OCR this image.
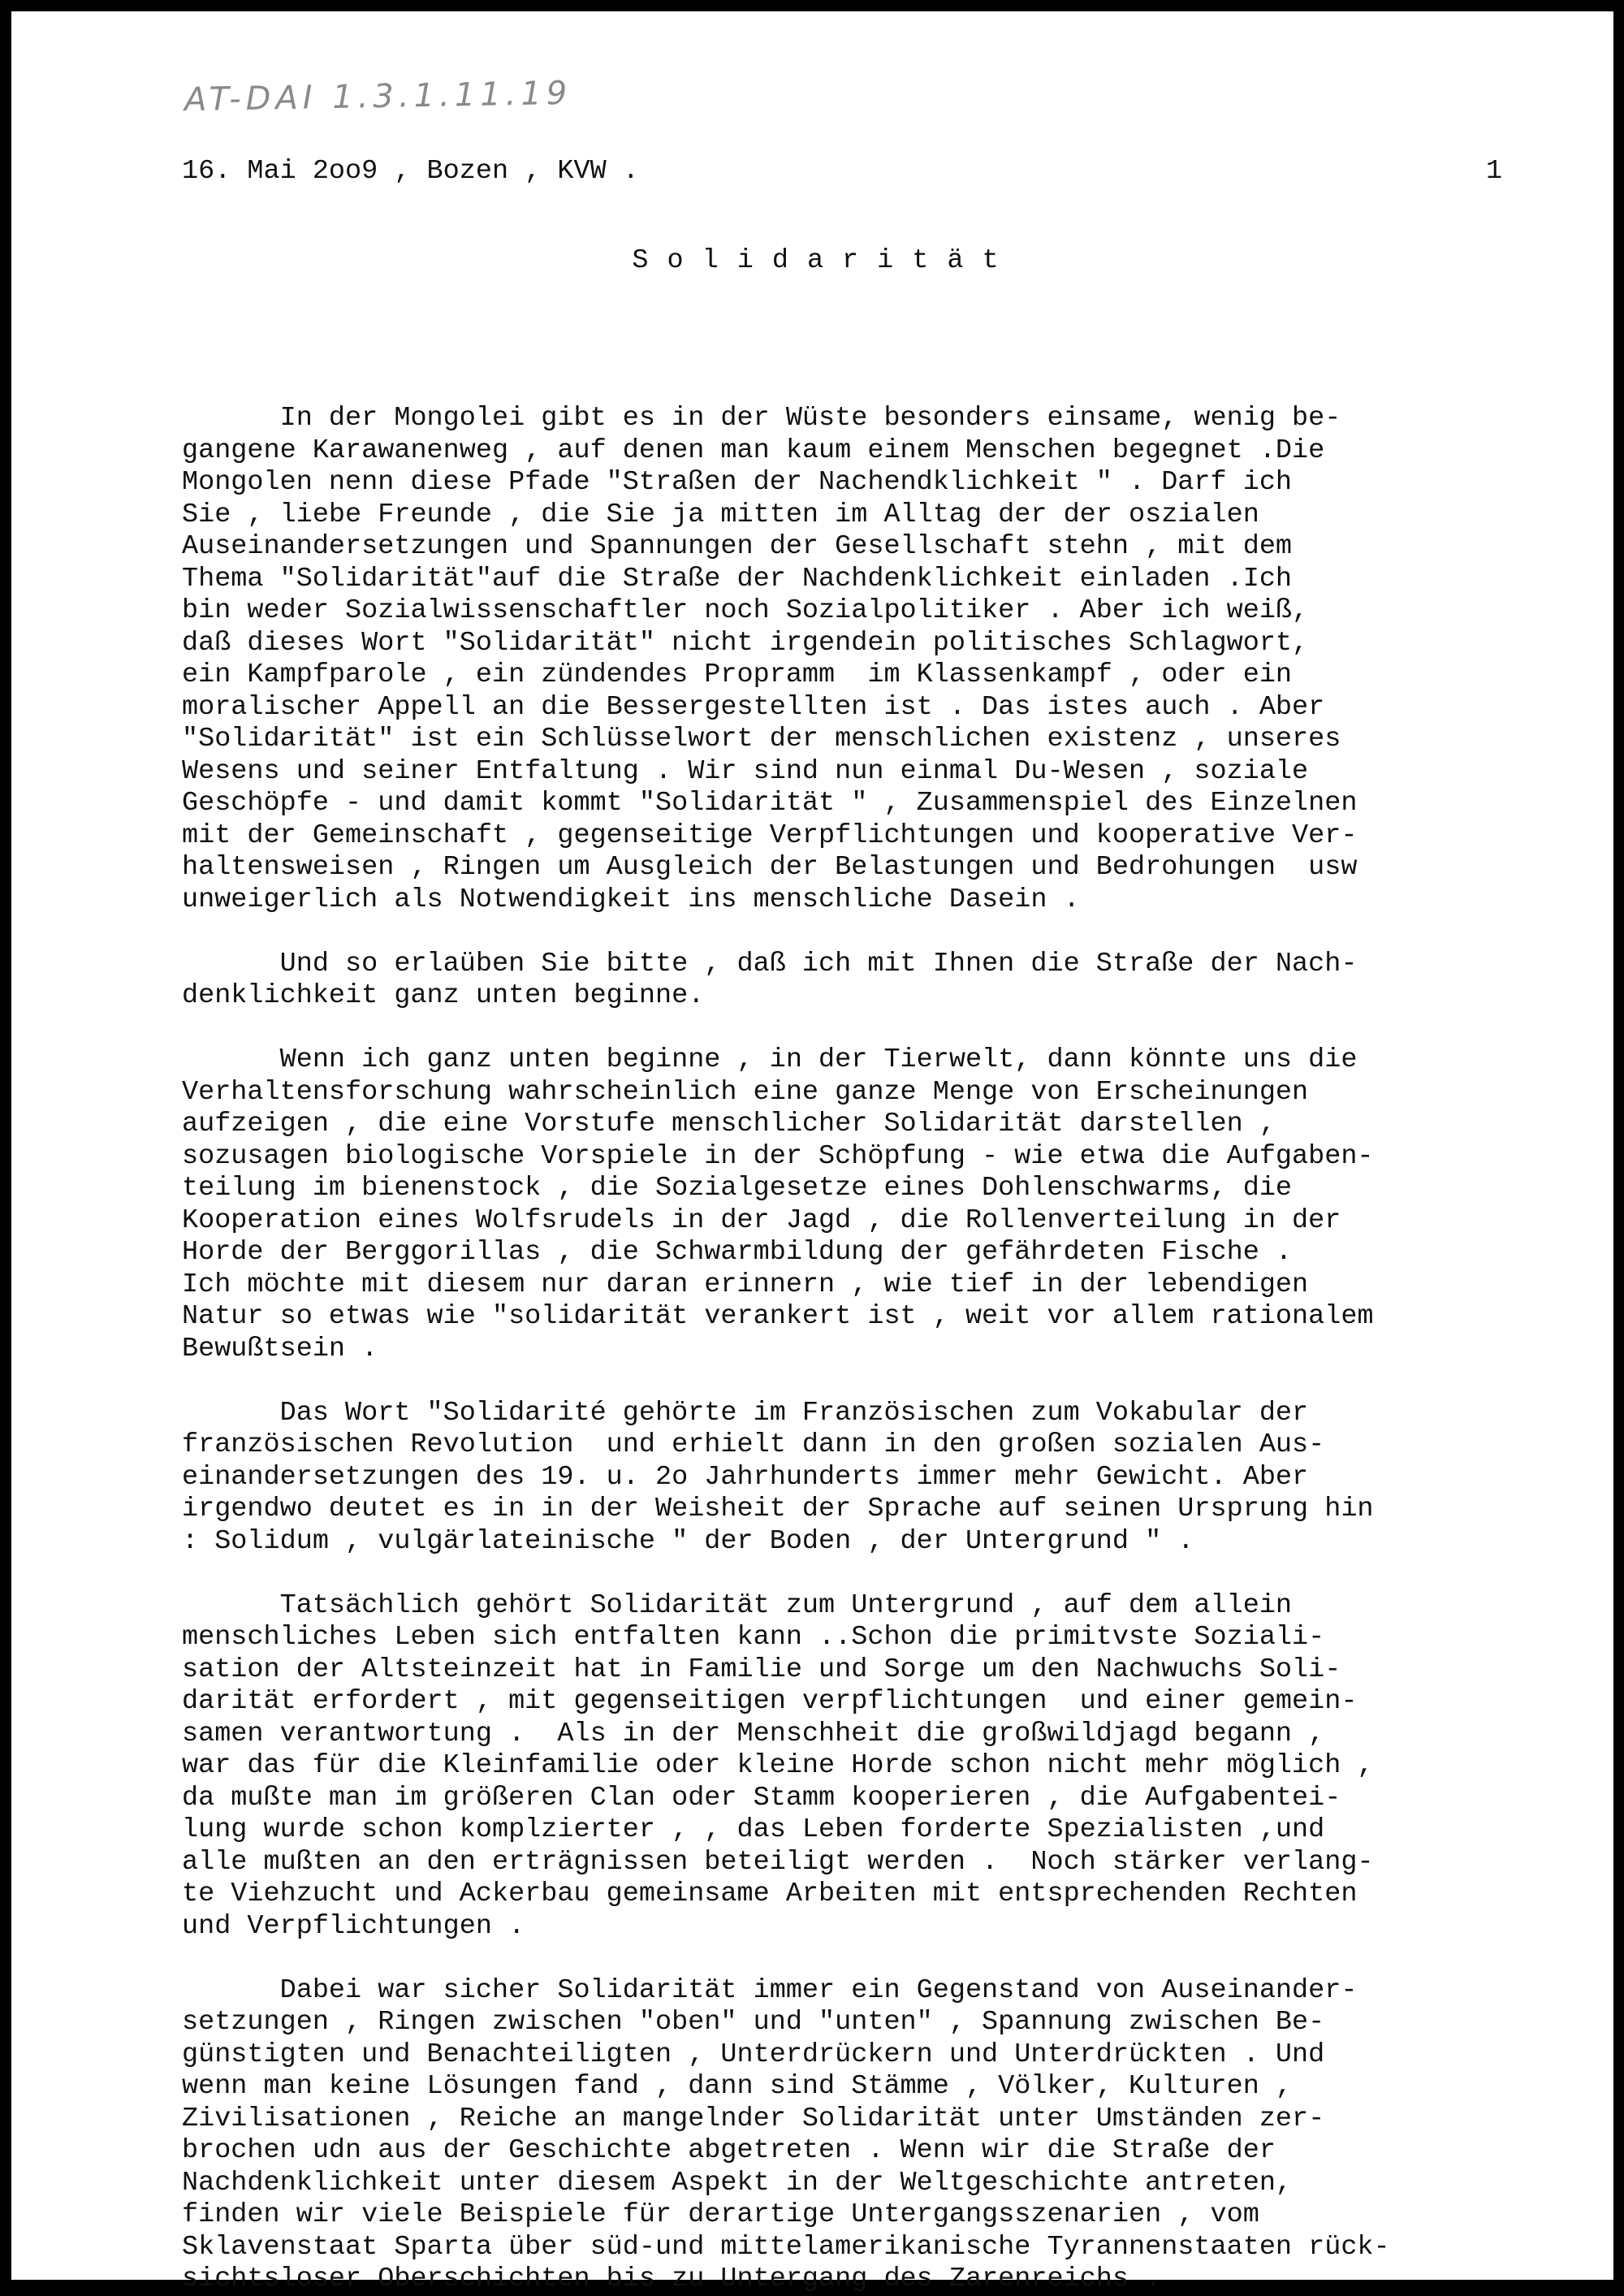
AT-DAI 1.3.1.11.19
16. Mai 2oo9 , Bozen , KVW .	1
Solidarität

In der Mongolei gibt es in der Wüste besonders einsame, wenig be-
gangene Karawanenweg , auf denen man kaum einem Menschen begegnet .Die
Mongolen nenn diese Pfade "Straßen der Nachendklichkeit " . Darf ich
Sie , liebe Freunde , die Sie ja mitten im Alltag der der oszialen
Auseinandersetzungen und Spannungen der Gesellschaft stehn , mit dem
Thema "Solidarität"auf die Straße der Nachdenklichkeit einladen .Ich
bin weder Sozialwissenschaftler noch Sozialpolitiker . Aber ich weiß,
daß dieses Wort "Solidarität" nicht irgendein politisches Schlagwort,
ein Kampfparole , ein zündendes Propramm  im Klassenkampf , oder ein
moralischer Appell an die Bessergestellten ist . Das istes auch . Aber
"Solidarität" ist ein Schlüsselwort der menschlichen existenz , unseres
Wesens und seiner Entfaltung . Wir sind nun einmal Du-Wesen , soziale
Geschöpfe - und damit kommt "Solidarität " , Zusammenspiel des Einzelnen
mit der Gemeinschaft , gegenseitige Verpflichtungen und kooperative Ver-
haltensweisen , Ringen um Ausgleich der Belastungen und Bedrohungen  usw
unweigerlich als Notwendigkeit ins menschliche Dasein .
Und so erlaüben Sie bitte , daß ich mit Ihnen die Straße der Nach-
denklichkeit ganz unten beginne.
Wenn ich ganz unten beginne , in der Tierwelt, dann könnte uns die
Verhaltensforschung wahrscheinlich eine ganze Menge von Erscheinungen
aufzeigen , die eine Vorstufe menschlicher Solidarität darstellen ,
sozusagen biologische Vorspiele in der Schöpfung - wie etwa die Aufgaben-
teilung im bienenstock , die Sozialgesetze eines Dohlenschwarms, die
Kooperation eines Wolfsrudels in der Jagd , die Rollenverteilung in der
Horde der Berggorillas , die Schwarmbildung der gefährdeten Fische .
Ich möchte mit diesem nur daran erinnern , wie tief in der lebendigen
Natur so etwas wie "solidarität verankert ist , weit vor allem rationalem
Bewußtsein .
Das Wort "Solidarité gehörte im Französischen zum Vokabular der
französischen Revolution  und erhielt dann in den großen sozialen Aus-
einandersetzungen des 19. u. 2o Jahrhunderts immer mehr Gewicht. Aber
irgendwo deutet es in in der Weisheit der Sprache auf seinen Ursprung hin
: Solidum , vulgärlateinische " der Boden , der Untergrund " .
Tatsächlich gehört Solidarität zum Untergrund , auf dem allein
menschliches Leben sich entfalten kann ..Schon die primitvste Soziali-
sation der Altsteinzeit hat in Familie und Sorge um den Nachwuchs Soli-
darität erfordert , mit gegenseitigen verpflichtungen  und einer gemein-
samen verantwortung .  Als in der Menschheit die großwildjagd begann ,
war das für die Kleinfamilie oder kleine Horde schon nicht mehr möglich ,
da mußte man im größeren Clan oder Stamm kooperieren , die Aufgabentei-
lung wurde schon komplzierter , , das Leben forderte Spezialisten ,und
alle mußten an den erträgnissen beteiligt werden .  Noch stärker verlang-
te Viehzucht und Ackerbau gemeinsame Arbeiten mit entsprechenden Rechten
und Verpflichtungen .
Dabei war sicher Solidarität immer ein Gegenstand von Auseinander-
setzungen , Ringen zwischen "oben" und "unten" , Spannung zwischen Be-
günstigten und Benachteiligten , Unterdrückern und Unterdrückten . Und
wenn man keine Lösungen fand , dann sind Stämme , Völker, Kulturen ,
Zivilisationen , Reiche an mangelnder Solidarität unter Umständen zer-
brochen udn aus der Geschichte abgetreten . Wenn wir die Straße der
Nachdenklichkeit unter diesem Aspekt in der Weltgeschichte antreten,
finden wir viele Beispiele für derartige Untergangsszenarien , vom
Sklavenstaat Sparta über süd-und mittelamerikanische Tyrannenstaaten rück-
sichtsloser Oberschichten bis zu Untergang des Zarenreichs .
